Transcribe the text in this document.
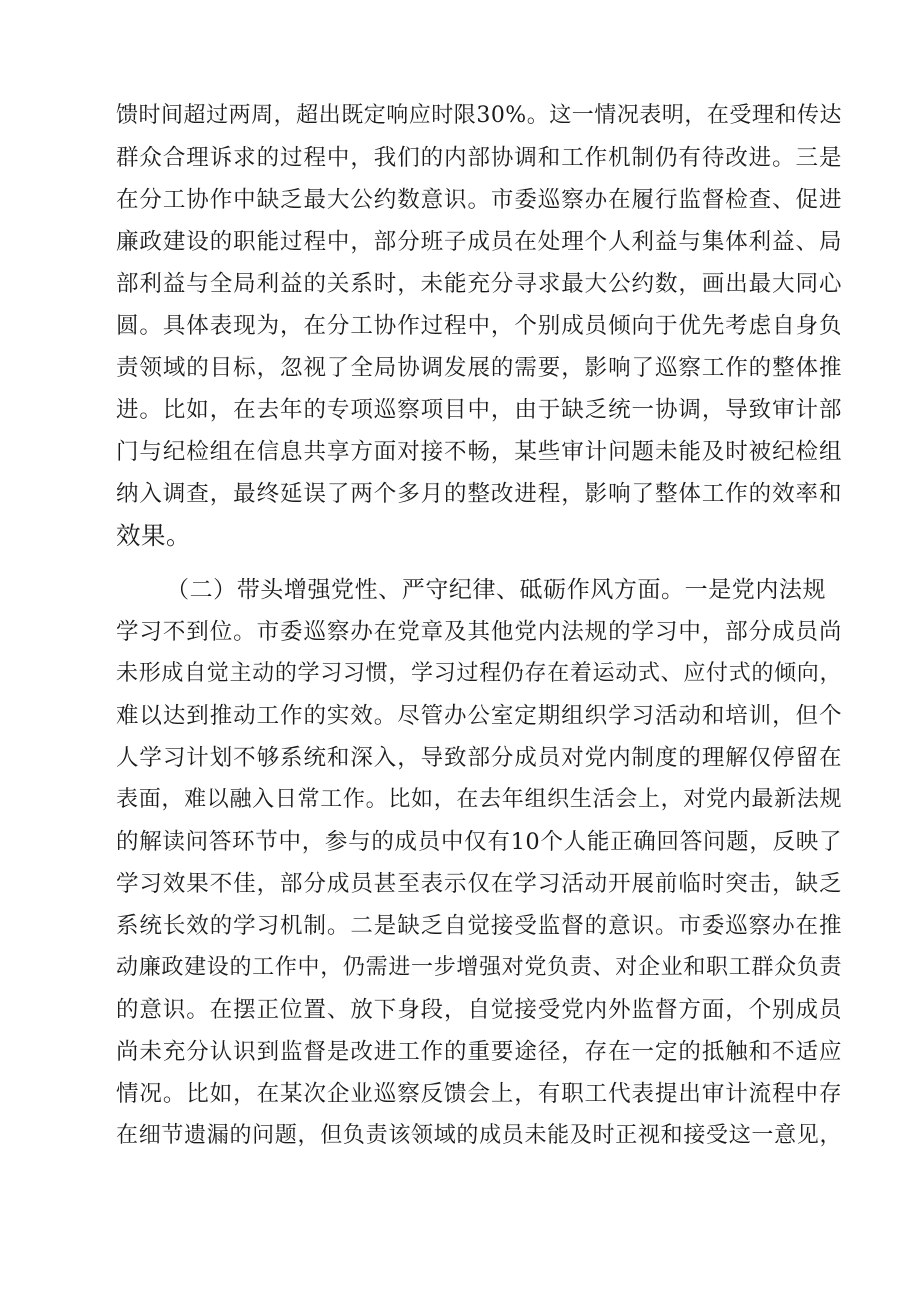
馈时间超过两周，超出既定响应时限30%。这一情况表明，在受理和传达
群众合理诉求的过程中，我们的内部协调和工作机制仍有待改进。三是
在分工协作中缺乏最大公约数意识。市委巡察办在履行监督检查、促进
廉政建设的职能过程中，部分班子成员在处理个人利益与集体利益、局
部利益与全局利益的关系时，未能充分寻求最大公约数，画出最大同心
圆。具体表现为，在分工协作过程中，个别成员倾向于优先考虑自身负
责领域的目标，忽视了全局协调发展的需要，影响了巡察工作的整体推
进。比如，在去年的专项巡察项目中，由于缺乏统一协调，导致审计部
门与纪检组在信息共享方面对接不畅，某些审计问题未能及时被纪检组
纳入调查，最终延误了两个多月的整改进程，影响了整体工作的效率和
效果。
（二）带头增强党性、严守纪律、砥砺作风方面。一是党内法规
学习不到位。市委巡察办在党章及其他党内法规的学习中，部分成员尚
未形成自觉主动的学习习惯，学习过程仍存在着运动式、应付式的倾向，
难以达到推动工作的实效。尽管办公室定期组织学习活动和培训，但个
人学习计划不够系统和深入，导致部分成员对党内制度的理解仅停留在
表面，难以融入日常工作。比如，在去年组织生活会上，对党内最新法规
的解读问答环节中，参与的成员中仅有10个人能正确回答问题，反映了
学习效果不佳，部分成员甚至表示仅在学习活动开展前临时突击，缺乏
系统长效的学习机制。二是缺乏自觉接受监督的意识。市委巡察办在推
动廉政建设的工作中，仍需进一步增强对党负责、对企业和职工群众负责
的意识。在摆正位置、放下身段，自觉接受党内外监督方面，个别成员
尚未充分认识到监督是改进工作的重要途径，存在一定的抵触和不适应
情况。比如，在某次企业巡察反馈会上，有职工代表提出审计流程中存
在细节遗漏的问题，但负责该领域的成员未能及时正视和接受这一意见，
